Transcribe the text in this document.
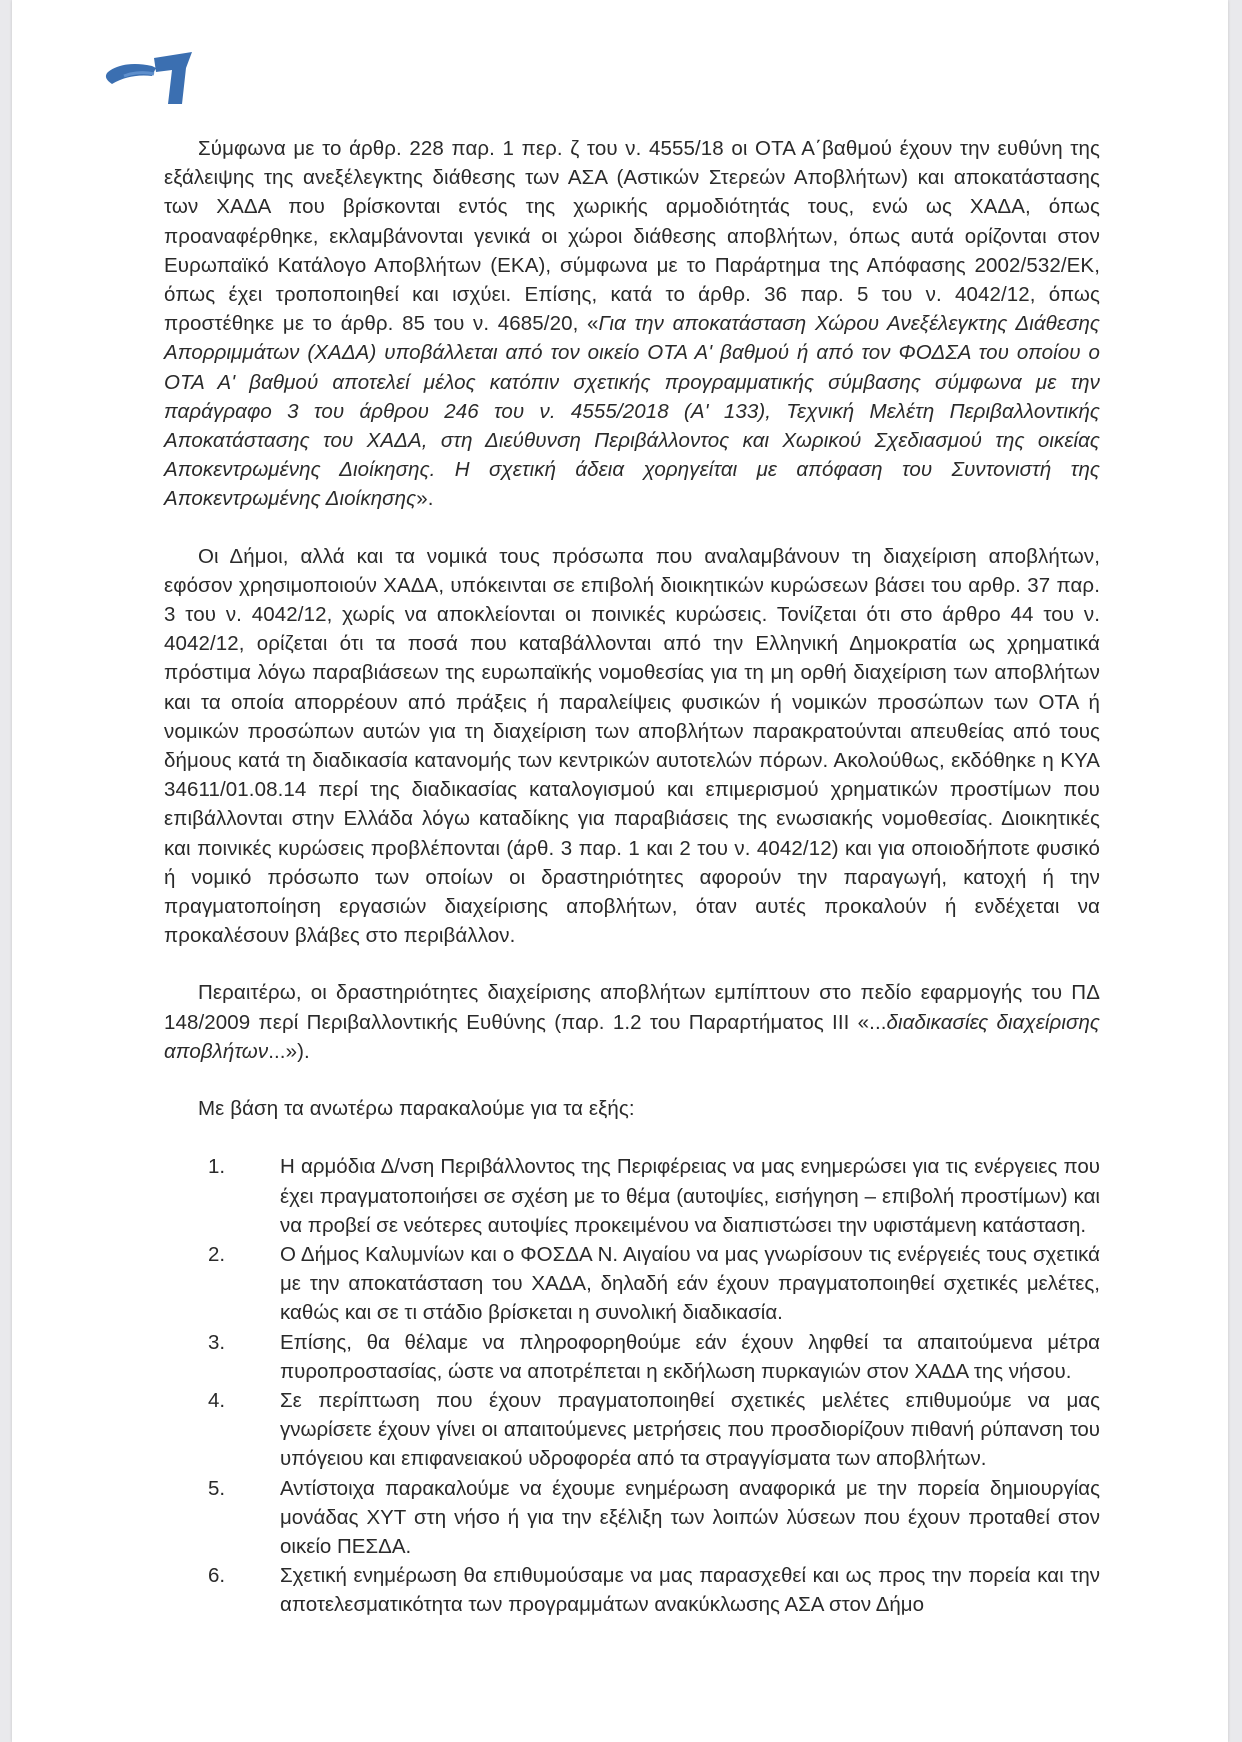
Σύμφωνα με το άρθρ. 228 παρ. 1 περ. ζ του ν. 4555/18 οι ΟΤΑ Α΄βαθμού έχουν την ευθύνη της εξάλειψης της ανεξέλεγκτης διάθεσης των ΑΣΑ (Αστικών Στερεών Αποβλήτων) και αποκατάστασης των ΧΑΔΑ που βρίσκονται εντός της χωρικής αρμοδιότητάς τους, ενώ ως ΧΑΔΑ, όπως προαναφέρθηκε, εκλαμβάνονται γενικά οι χώροι διάθεσης αποβλήτων, όπως αυτά ορίζονται στον Ευρωπαϊκό Κατάλογο Αποβλήτων (ΕΚΑ), σύμφωνα με το Παράρτημα της Απόφασης 2002/532/ΕΚ, όπως έχει τροποποιηθεί και ισχύει. Επίσης, κατά το άρθρ. 36 παρ. 5 του ν. 4042/12, όπως προστέθηκε με το άρθρ. 85 του ν. 4685/20, «Για την αποκατάσταση Χώρου Ανεξέλεγκτης Διάθεσης Απορριμμάτων (ΧΑΔΑ) υποβάλλεται από τον οικείο ΟΤΑ Α' βαθμού ή από τον ΦΟΔΣΑ του οποίου ο ΟΤΑ Α' βαθμού αποτελεί μέλος κατόπιν σχετικής προγραμματικής σύμβασης σύμφωνα με την παράγραφο 3 του άρθρου 246 του ν. 4555/2018 (Α' 133), Τεχνική Μελέτη Περιβαλλοντικής Αποκατάστασης του ΧΑΔΑ, στη Διεύθυνση Περιβάλλοντος και Χωρικού Σχεδιασμού της οικείας Αποκεντρωμένης Διοίκησης. Η σχετική άδεια χορηγείται με απόφαση του Συντονιστή της Αποκεντρωμένης Διοίκησης».

Οι Δήμοι, αλλά και τα νομικά τους πρόσωπα που αναλαμβάνουν τη διαχείριση αποβλήτων, εφόσον χρησιμοποιούν ΧΑΔΑ, υπόκεινται σε επιβολή διοικητικών κυρώσεων βάσει του αρθρ. 37 παρ. 3 του ν. 4042/12, χωρίς να αποκλείονται οι ποινικές κυρώσεις. Τονίζεται ότι στο άρθρο 44 του ν. 4042/12, ορίζεται ότι τα ποσά που καταβάλλονται από την Ελληνική Δημοκρατία ως χρηματικά πρόστιμα λόγω παραβιάσεων της ευρωπαϊκής νομοθεσίας για τη μη ορθή διαχείριση των αποβλήτων και τα οποία απορρέουν από πράξεις ή παραλείψεις φυσικών ή νομικών προσώπων των ΟΤΑ ή νομικών προσώπων αυτών για τη διαχείριση των αποβλήτων παρακρατούνται απευθείας από τους δήμους κατά τη διαδικασία κατανομής των κεντρικών αυτοτελών πόρων. Ακολούθως, εκδόθηκε η ΚΥΑ 34611/01.08.14 περί της διαδικασίας καταλογισμού και επιμερισμού χρηματικών προστίμων που επιβάλλονται στην Ελλάδα λόγω καταδίκης για παραβιάσεις της ενωσιακής νομοθεσίας. Διοικητικές και ποινικές κυρώσεις προβλέπονται (άρθ. 3 παρ. 1 και 2 του ν. 4042/12) και για οποιοδήποτε φυσικό ή νομικό πρόσωπο των οποίων οι δραστηριότητες αφορούν την παραγωγή, κατοχή ή την πραγματοποίηση εργασιών διαχείρισης αποβλήτων, όταν αυτές προκαλούν ή ενδέχεται να προκαλέσουν βλάβες στο περιβάλλον.

Περαιτέρω, οι δραστηριότητες διαχείρισης αποβλήτων εμπίπτουν στο πεδίο εφαρμογής του ΠΔ 148/2009 περί Περιβαλλοντικής Ευθύνης (παρ. 1.2 του Παραρτήματος ΙΙΙ «...διαδικασίες διαχείρισης αποβλήτων...»).

Με βάση τα ανωτέρω παρακαλούμε για τα εξής:

1.	Η αρμόδια Δ/νση Περιβάλλοντος της Περιφέρειας να μας ενημερώσει για τις ενέργειες που έχει πραγματοποιήσει σε σχέση με το θέμα (αυτοψίες, εισήγηση – επιβολή προστίμων) και να προβεί σε νεότερες αυτοψίες προκειμένου να διαπιστώσει την υφιστάμενη κατάσταση.
2.	Ο Δήμος Καλυμνίων και ο ΦΟΣΔΑ Ν. Αιγαίου να μας γνωρίσουν τις ενέργειές τους σχετικά με την αποκατάσταση του ΧΑΔΑ, δηλαδή εάν έχουν πραγματοποιηθεί σχετικές μελέτες, καθώς και σε τι στάδιο βρίσκεται η συνολική διαδικασία.
3.	Επίσης, θα θέλαμε να πληροφορηθούμε εάν έχουν ληφθεί τα απαιτούμενα μέτρα πυροπροστασίας, ώστε να αποτρέπεται η εκδήλωση πυρκαγιών στον ΧΑΔΑ της νήσου.
4.	Σε περίπτωση που έχουν πραγματοποιηθεί σχετικές μελέτες επιθυμούμε να μας γνωρίσετε έχουν γίνει οι απαιτούμενες μετρήσεις που προσδιορίζουν πιθανή ρύπανση του υπόγειου και επιφανειακού υδροφορέα από τα στραγγίσματα των αποβλήτων.
5.	Αντίστοιχα παρακαλούμε να έχουμε ενημέρωση αναφορικά με την πορεία δημιουργίας μονάδας ΧΥΤ στη νήσο ή για την εξέλιξη των λοιπών λύσεων που έχουν προταθεί στον οικείο ΠΕΣΔΑ.
6.	Σχετική ενημέρωση θα επιθυμούσαμε να μας παρασχεθεί και ως προς την πορεία και την αποτελεσματικότητα των προγραμμάτων ανακύκλωσης ΑΣΑ στον Δήμο
